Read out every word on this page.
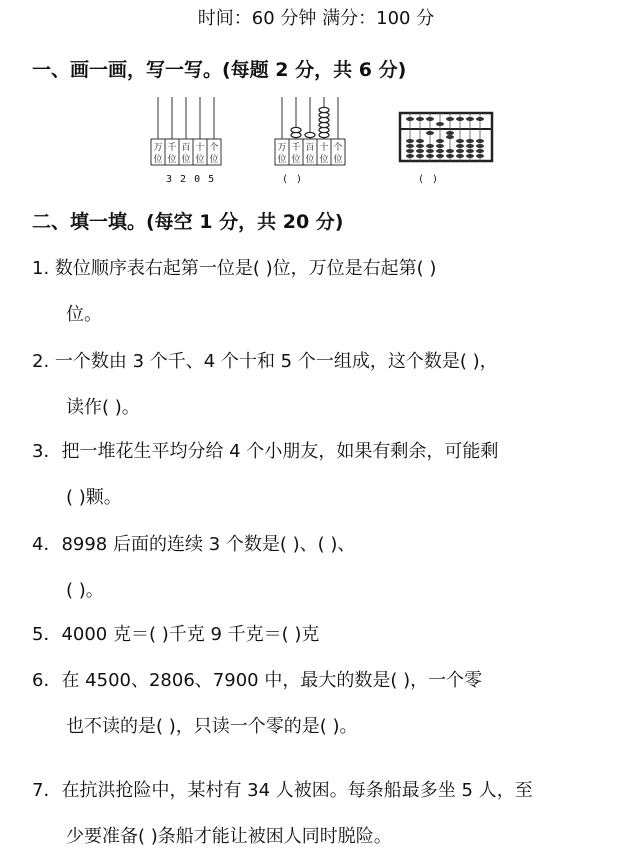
时间：60 分钟 满分：100 分
一、画一画，写一写。(每题 2 分，共 6 分)
万
位
千
位
百
位
十
位
个
位
3 2 0 5
万
位
千
位
百
位
十
位
个
位
( )	( )
二、填一填。(每空 1 分，共 20 分)
1. 数位顺序表右起第一位是( )位，万位是右起第( )
位。
2. 一个数由 3 个千、4 个十和 5 个一组成，这个数是( )，
读作( )。
3．把一堆花生平均分给 4 个小朋友，如果有剩余，可能剩
( )颗。
4．8998 后面的连续 3 个数是( )、( )、
( )。
5．4000 克＝( )千克 9 千克＝( )克
6．在 4500、2806、7900 中，最大的数是( )，一个零
也不读的是( )，只读一个零的是( )。
7．在抗洪抢险中，某村有 34 人被困。每条船最多坐 5 人，至
少要准备( )条船才能让被困人同时脱险。
